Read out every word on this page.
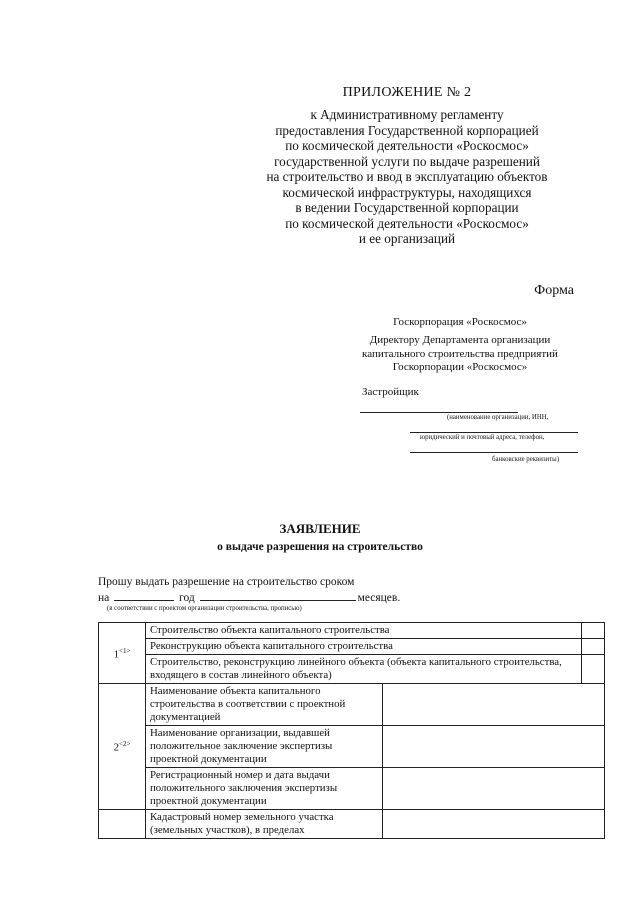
ПРИЛОЖЕНИЕ № 2
к Административному регламенту
предоставления Государственной корпорацией
по космической деятельности «Роскосмос»
государственной услуги по выдаче разрешений
на строительство и ввод в эксплуатацию объектов
космической инфраструктуры, находящихся
в ведении Государственной корпорации
по космической деятельности «Роскосмос»
и ее организаций
Форма
Госкорпорация «Роскосмос»
Директору Департамента организации
капитального строительства предприятий
Госкорпорации «Роскосмос»
Застройщик
(наименование организации, ИНН,
юридический и почтовый адреса, телефон,
банковские реквизиты)
ЗАЯВЛЕНИЕ
о выдаче разрешения на строительство
Прошу выдать разрешение на строительство сроком
на	год	месяцев.
(в соответствии с проектом организации строительства, прописью)
$1^{<1>}$	Строительство объекта капитального строительства		
	Реконструкцию объекта капитального строительства		
	Строительство, реконструкцию линейного объекта (объекта капитального строительства, входящего в состав линейного объекта)		
$2^{<2>}$	Наименование объекта капитального строительства в соответствии с проектной документацией		
	Наименование организации, выдавшей положительное заключение экспертизы проектной документации		
	Регистрационный номер и дата выдачи положительного заключения экспертизы проектной документации		
	Кадастровый номер земельного участка (земельных участков), в пределах		
